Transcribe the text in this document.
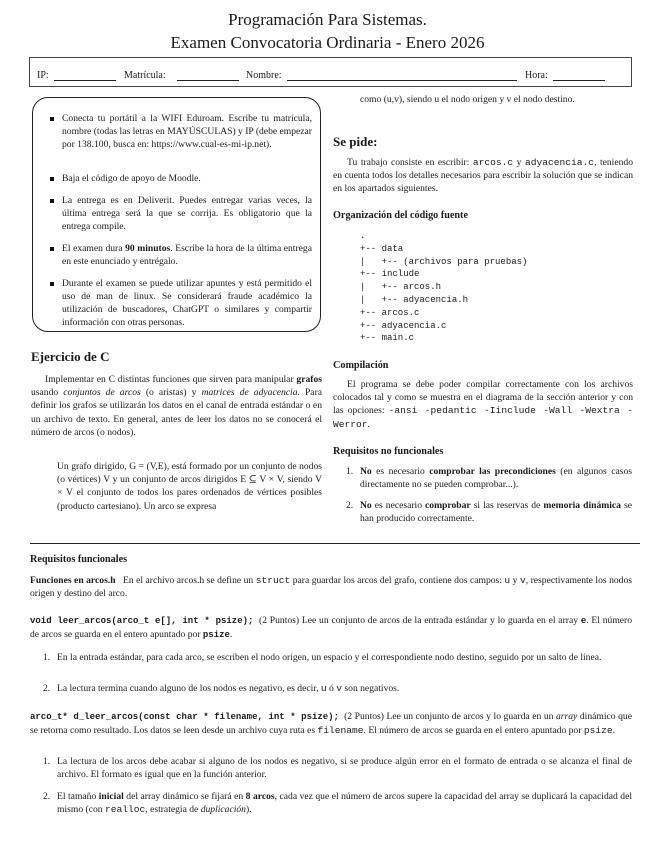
Programación Para Sistemas.
Examen Convocatoria Ordinaria - Enero 2026
IP:	Matrícula:	Nombre:	Hora:
Conecta tu portátil a la WIFI Eduroam. Escribe tu matrícula, nombre (todas las letras en MAYÚSCULAS) y IP (debe empezar por 138.100, busca en: https://www.cual-es-mi-ip.net).
Baja el código de apoyo de Moodle.
La entrega es en Deliverit. Puedes entregar varias veces, la última entrega será la que se corrija. Es obligatorio que la entrega compile.
El examen dura 90 minutos. Escribe la hora de la última entrega en este enunciado y entrégalo.
Durante el examen se puede utilizar apuntes y está permitido el uso de man de linux. Se considerará fraude académico la utilización de buscadores, ChatGPT o similares y compartir información con otras personas.
Ejercicio de C
Implementar en C distintas funciones que sirven para manipular grafos usando conjuntos de arcos (o aristas) y matrices de adyacencia. Para definir los grafos se utilizarán los datos en el canal de entrada estándar o en un archivo de texto. En general, antes de leer los datos no se conocerá el número de arcos (o nodos).
Un grafo dirigido, G = (V,E), está formado por un conjunto de nodos (o vértices) V y un conjunto de arcos dirigidos E ⊆ V × V, siendo V × V el conjunto de todos los pares ordenados de vértices posibles (producto cartesiano). Un arco se expresa
como (u,v), siendo u el nodo origen y v el nodo destino.
Se pide:
Tu trabajo consiste en escribir: arcos.c y adyacencia.c, teniendo en cuenta todos los detalles necesarios para escribir la solución que se indican en los apartados siguientes.
Organización del código fuente
.
+-- data
|   +-- (archivos para pruebas)
+-- include
|   +-- arcos.h
|   +-- adyacencia.h
+-- arcos.c
+-- adyacencia.c
+-- main.c
Compilación
El programa se debe poder compilar correctamente con los archivos colocados tal y como se muestra en el diagrama de la sección anterior y con las opciones: -ansi -pedantic -Iinclude -Wall -Wextra -Werror.
Requisitos no funcionales
1. No es necesario comprobar las precondiciones (en algunos casos directamente no se pueden comprobar...).
2. No es necesario comprobar si las reservas de memoria dinámica se han producido correctamente.
Requisitos funcionales
Funciones en arcos.h En el archivo arcos.h se define un struct para guardar los arcos del grafo, contiene dos campos: u y v, respectivamente los nodos origen y destino del arco.
void leer_arcos(arco_t e[], int * psize); (2 Puntos) Lee un conjunto de arcos de la entrada estándar y lo guarda en el array e. El número de arcos se guarda en el entero apuntado por psize.
1. En la entrada estándar, para cada arco, se escriben el nodo origen, un espacio y el correspondiente nodo destino, seguido por un salto de línea.
2. La lectura termina cuando alguno de los nodos es negativo, es decir, u ó v son negativos.
arco_t* d_leer_arcos(const char * filename, int * psize); (2 Puntos) Lee un conjunto de arcos y lo guarda en un array dinámico que se retorna como resultado. Los datos se leen desde un archivo cuya ruta es filename. El número de arcos se guarda en el entero apuntado por psize.
1. La lectura de los arcos debe acabar si alguno de los nodos es negativo, si se produce algún error en el formato de entrada o se alcanza el final de archivo. El formato es igual que en la función anterior.
2. El tamaño inicial del array dinámico se fijará en 8 arcos, cada vez que el número de arcos supere la capacidad del array se duplicará la capacidad del mismo (con realloc, estrategia de duplicación).
